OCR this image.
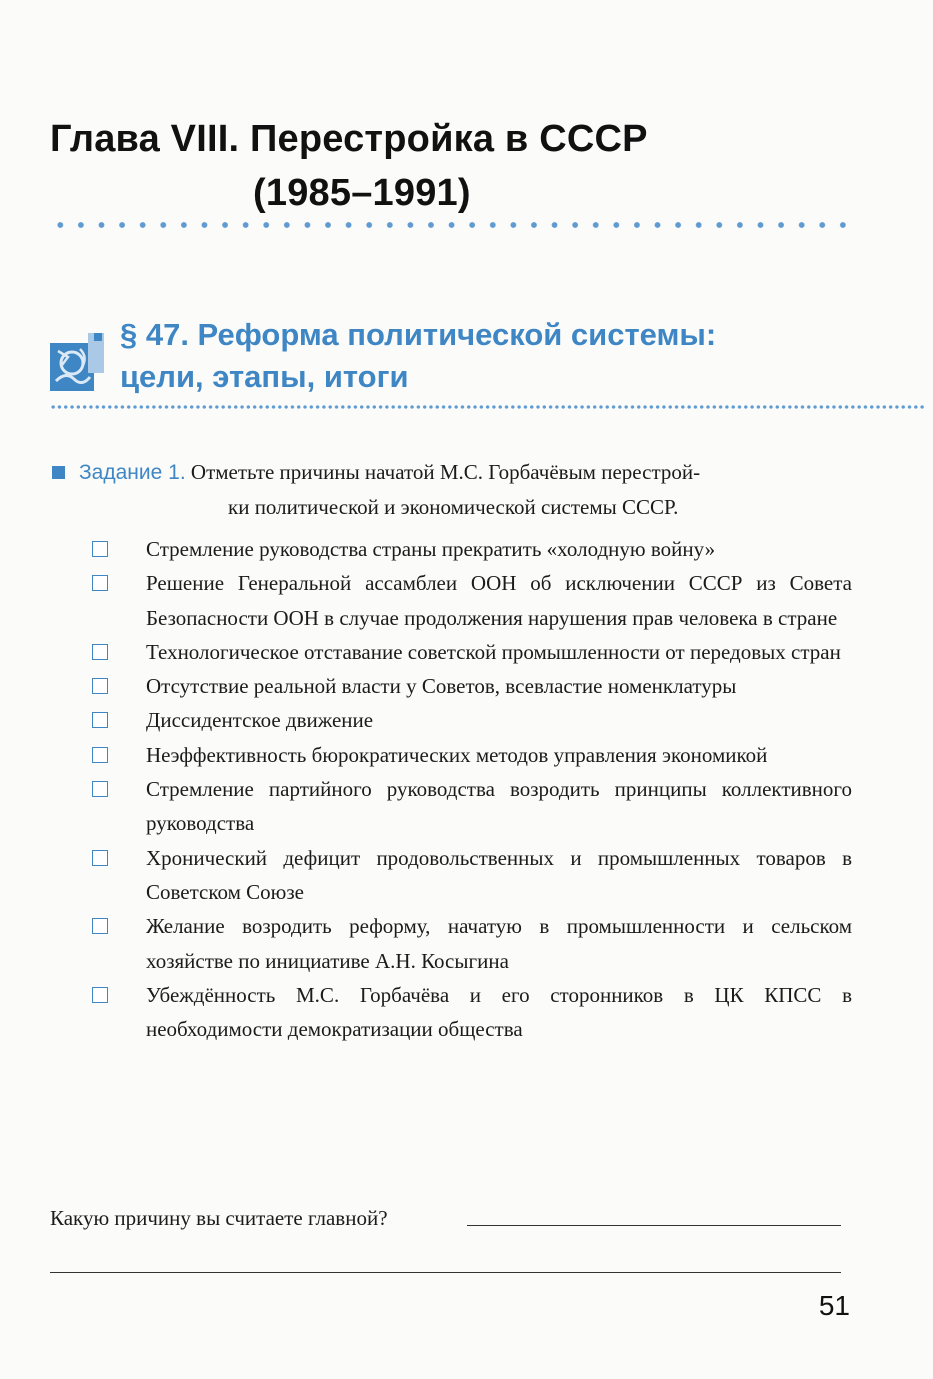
Глава VIII. Перестройка в СССР
(1985–1991)
§ 47. Реформа политической системы:
цели, этапы, итоги
Задание 1. Отметьте причины начатой М.С. Горбачёвым перестрой-
ки политической и экономической системы СССР.
Стремление руководства страны прекратить «холодную войну»
Решение Генеральной ассамблеи ООН об исключении СССР из Совета Безопасности ООН в случае продолжения нарушения прав человека в стране
Технологическое отставание советской промышленности от передовых стран
Отсутствие реальной власти у Советов, всевластие номенклатуры
Диссидентское движение
Неэффективность бюрократических методов управления экономикой
Стремление партийного руководства возродить принципы коллективного руководства
Хронический дефицит продовольственных и промышленных товаров в Советском Союзе
Желание возродить реформу, начатую в промышленности и сельском хозяйстве по инициативе А.Н. Косыгина
Убеждённость М.С. Горбачёва и его сторонников в ЦК КПСС в необходимости демократизации общества
Какую причину вы считаете главной?
51
